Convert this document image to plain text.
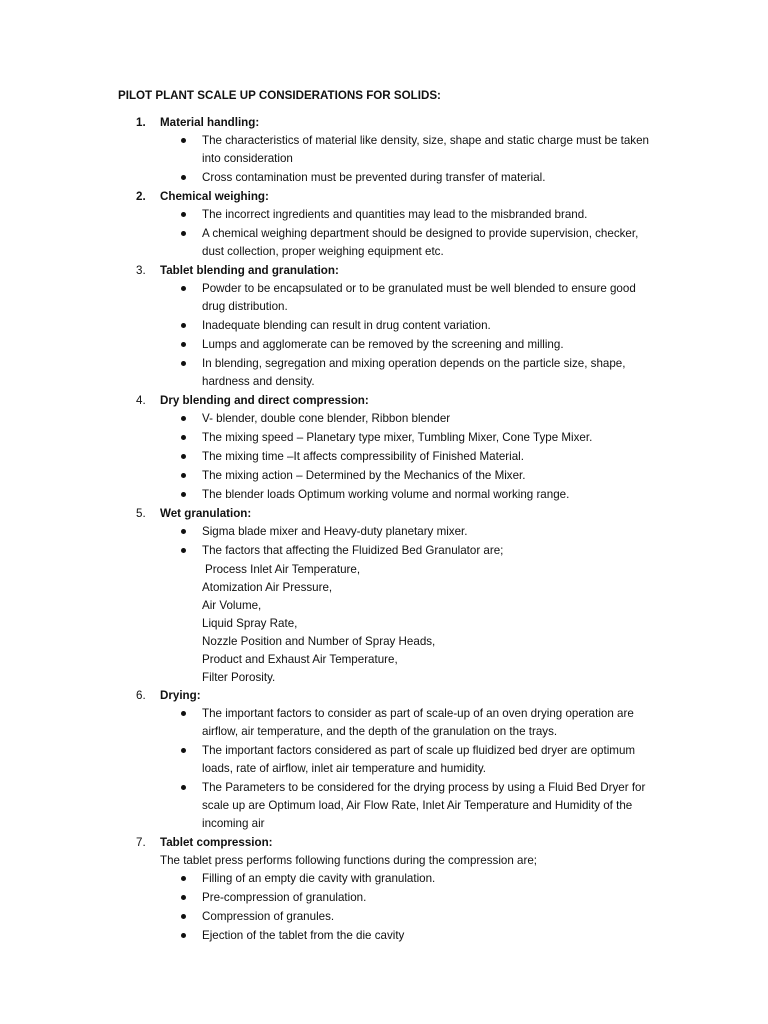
PILOT PLANT SCALE UP CONSIDERATIONS FOR SOLIDS:
1. Material handling:
The characteristics of material like density, size, shape and static charge must be taken into consideration
Cross contamination must be prevented during transfer of material.
2. Chemical weighing:
The incorrect ingredients and quantities may lead to the misbranded brand.
A chemical weighing department should be designed to provide supervision, checker, dust collection, proper weighing equipment etc.
3. Tablet blending and granulation:
Powder to be encapsulated or to be granulated must be well blended to ensure good drug distribution.
Inadequate blending can result in drug content variation.
Lumps and agglomerate can be removed by the screening and milling.
In blending, segregation and mixing operation depends on the particle size, shape, hardness and density.
4. Dry blending and direct compression:
V- blender, double cone blender, Ribbon blender
The mixing speed – Planetary type mixer, Tumbling Mixer, Cone Type Mixer.
The mixing time –It affects compressibility of Finished Material.
The mixing action – Determined by the Mechanics of the Mixer.
The blender loads Optimum working volume and normal working range.
5. Wet granulation:
Sigma blade mixer and Heavy-duty planetary mixer.
The factors that affecting the Fluidized Bed Granulator are;
Process Inlet Air Temperature,
Atomization Air Pressure,
Air Volume,
Liquid Spray Rate,
Nozzle Position and Number of Spray Heads,
Product and Exhaust Air Temperature,
Filter Porosity.
6. Drying:
The important factors to consider as part of scale-up of an oven drying operation are airflow, air temperature, and the depth of the granulation on the trays.
The important factors considered as part of scale up fluidized bed dryer are optimum loads, rate of airflow, inlet air temperature and humidity.
The Parameters to be considered for the drying process by using a Fluid Bed Dryer for scale up are Optimum load, Air Flow Rate, Inlet Air Temperature and Humidity of the incoming air
7. Tablet compression:
The tablet press performs following functions during the compression are;
Filling of an empty die cavity with granulation.
Pre-compression of granulation.
Compression of granules.
Ejection of the tablet from the die cavity
